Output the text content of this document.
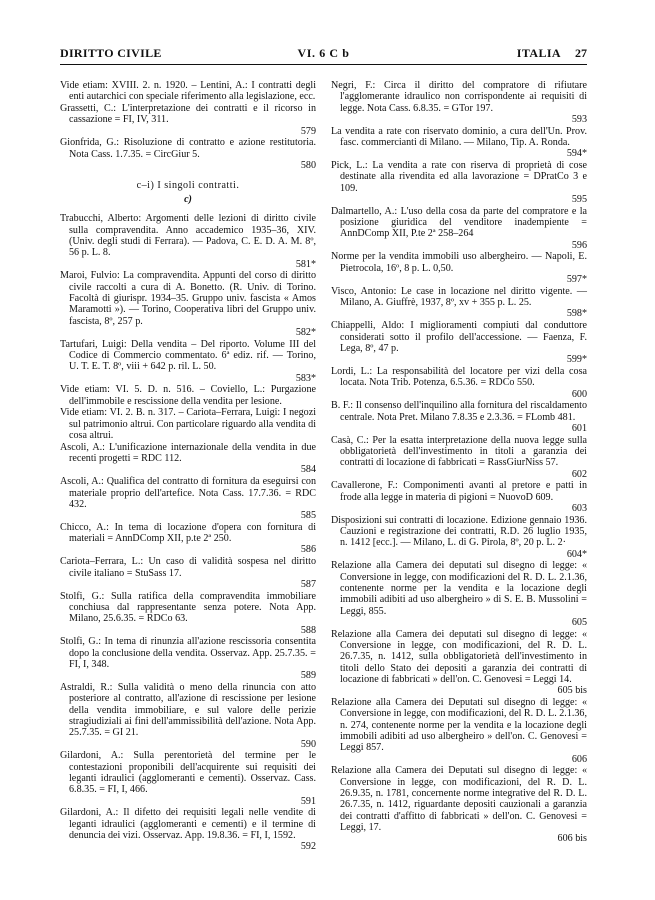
DIRITTO CIVILE	VI. 6 C b	ITALIA 27
Vide etiam: XVIII. 2. n. 1920. – Lentini, A.: I contratti degli enti autarchici con speciale riferimento alla legislazione, ecc.
Grassetti, C.: L'interpretazione dei contratti e il ricorso in cassazione = FI, IV, 311.
579
Gionfrida, G.: Risoluzione di contratto e azione restitutoria. Nota Cass. 1.7.35. = CircGiur 5.
580
c–i) I singoli contratti.
c)
Trabucchi, Alberto: Argomenti delle lezioni di diritto civile sulla compravendita. Anno accademico 1935–36, XIV. (Univ. degli studi di Ferrara). — Padova, C. E. D. A. M. 8º, 56 p. L. 8.
581*
Maroi, Fulvio: La compravendita. Appunti del corso di diritto civile raccolti a cura di A. Bonetto. (R. Univ. di Torino. Facoltà di giurispr. 1934–35. Gruppo univ. fascista « Amos Maramotti »). — Torino, Cooperativa libri del Gruppo univ. fascista, 8º, 257 p.
582*
Tartufari, Luigi: Della vendita – Del riporto. Volume III del Codice di Commercio commentato. 6ª ediz. rif. — Torino, U. T. E. T. 8º, viii + 642 p. ril. L. 50.
583*
Vide etiam: VI. 5. D. n. 516. – Coviello, L.: Purgazione dell'immobile e rescissione della vendita per lesione.
Vide etiam: VI. 2. B. n. 317. – Cariota–Ferrara, Luigi: I negozi sul patrimonio altrui. Con particolare riguardo alla vendita di cosa altrui.
Ascoli, A.: L'unificazione internazionale della vendita in due recenti progetti = RDC 112.
584
Ascoli, A.: Qualifica del contratto di fornitura da eseguirsi con materiale proprio dell'artefice. Nota Cass. 17.7.36. = RDC 432.
585
Chicco, A.: In tema di locazione d'opera con fornitura di materiali = AnnDComp XII, p.te 2ª 250.
586
Cariota–Ferrara, L.: Un caso di validità sospesa nel diritto civile italiano = StuSass 17.
587
Stolfi, G.: Sulla ratifica della compravendita immobiliare conchiusa dal rappresentante senza potere. Nota App. Milano, 25.6.35. = RDCo 63.
588
Stolfi, G.: In tema di rinunzia all'azione rescissoria consentita dopo la conclusione della vendita. Osservaz. App. 25.7.35. = FI, I, 348.
589
Astraldi, R.: Sulla validità o meno della rinuncia con atto posteriore al contratto, all'azione di rescissione per lesione della vendita immobiliare, e sul valore delle perizie stragiudiziali ai fini dell'ammissibilità dell'azione. Nota App. 25.7.35. = GI 21.
590
Gilardoni, A.: Sulla perentorietà del termine per le contestazioni proponibili dell'acquirente sui requisiti dei leganti idraulici (agglomeranti e cementi). Osservaz. Cass. 6.8.35. = FI, I, 466.
591
Gilardoni, A.: Il difetto dei requisiti legali nelle vendite di leganti idraulici (agglomeranti e cementi) e il termine di denuncia dei vizi. Osservaz. App. 19.8.36. = FI, I, 1592.
592
Negri, F.: Circa il diritto del compratore di rifiutare l'agglomerante idraulico non corrispondente ai requisiti di legge. Nota Cass. 6.8.35. = GTor 197.
593
La vendita a rate con riservato dominio, a cura dell'Un. Prov. fasc. commercianti di Milano. — Milano, Tip. A. Ronda.
594*
Pick, L.: La vendita a rate con riserva di proprietà di cose destinate alla rivendita ed alla lavorazione = DPratCo 3 e 109.
595
Dalmartello, A.: L'uso della cosa da parte del compratore e la posizione giuridica del venditore inadempiente = AnnDComp XII, P.te 2ª 258–264
596
Norme per la vendita immobili uso albergheiro. — Napoli, E. Pietrocola, 16º, 8 p. L. 0,50.
597*
Visco, Antonio: Le case in locazione nel diritto vigente. — Milano, A. Giuffrè, 1937, 8º, xv + 355 p. L. 25.
598*
Chiappelli, Aldo: I miglioramenti compiuti dal conduttore considerati sotto il profilo dell'accessione. — Faenza, F. Lega, 8º, 47 p.
599*
Lordi, L.: La responsabilità del locatore per vizi della cosa locata. Nota Trib. Potenza, 6.5.36. = RDCo 550.
600
B. F.: Il consenso dell'inquilino alla fornitura del riscaldamento centrale. Nota Pret. Milano 7.8.35 e 2.3.36. = FLomb 481.
601
Casà, C.: Per la esatta interpretazione della nuova legge sulla obbligatorietà dell'investimento in titoli a garanzia dei contratti di locazione di fabbricati = RassGiurNiss 57.
602
Cavallerone, F.: Componimenti avanti al pretore e patti in frode alla legge in materia di pigioni = NuovoD 609.
603
Disposizioni sui contratti di locazione. Edizione gennaio 1936. Cauzioni e registrazione dei contratti, R.D. 26 luglio 1935, n. 1412 [ecc.]. — Milano, L. di G. Pirola, 8º, 20 p. L. 2·
604*
Relazione alla Camera dei deputati sul disegno di legge: « Conversione in legge, con modificazioni del R. D. L. 2.1.36, contenente norme per la vendita e la locazione degli immobili adibiti ad uso albergheiro » di S. E. B. Mussolini = Leggi, 855.
605
Relazione alla Camera dei deputati sul disegno di legge: « Conversione in legge, con modificazioni, del R. D. L. 26.7.35, n. 1412, sulla obbligatorietà dell'investimento in titoli dello Stato dei depositi a garanzia dei contratti di locazione di fabbricati » dell'on. C. Genovesi = Leggi 14.
605 bis
Relazione alla Camera dei Deputati sul disegno di legge: « Conversione in legge, con modificazioni, del R. D. L. 2.1.36, n. 274, contenente norme per la vendita e la locazione degli immobili adibiti ad uso albergheiro » dell'on. C. Genovesi = Leggi 857.
606
Relazione alla Camera dei Deputati sul disegno di legge: « Conversione in legge, con modificazioni, del R. D. L. 26.9.35, n. 1781, concernente norme integrative del R. D. L. 26.7.35, n. 1412, riguardante depositi cauzionali a garanzia dei contratti d'affitto di fabbricati » dell'on. C. Genovesi = Leggi, 17.
606 bis
